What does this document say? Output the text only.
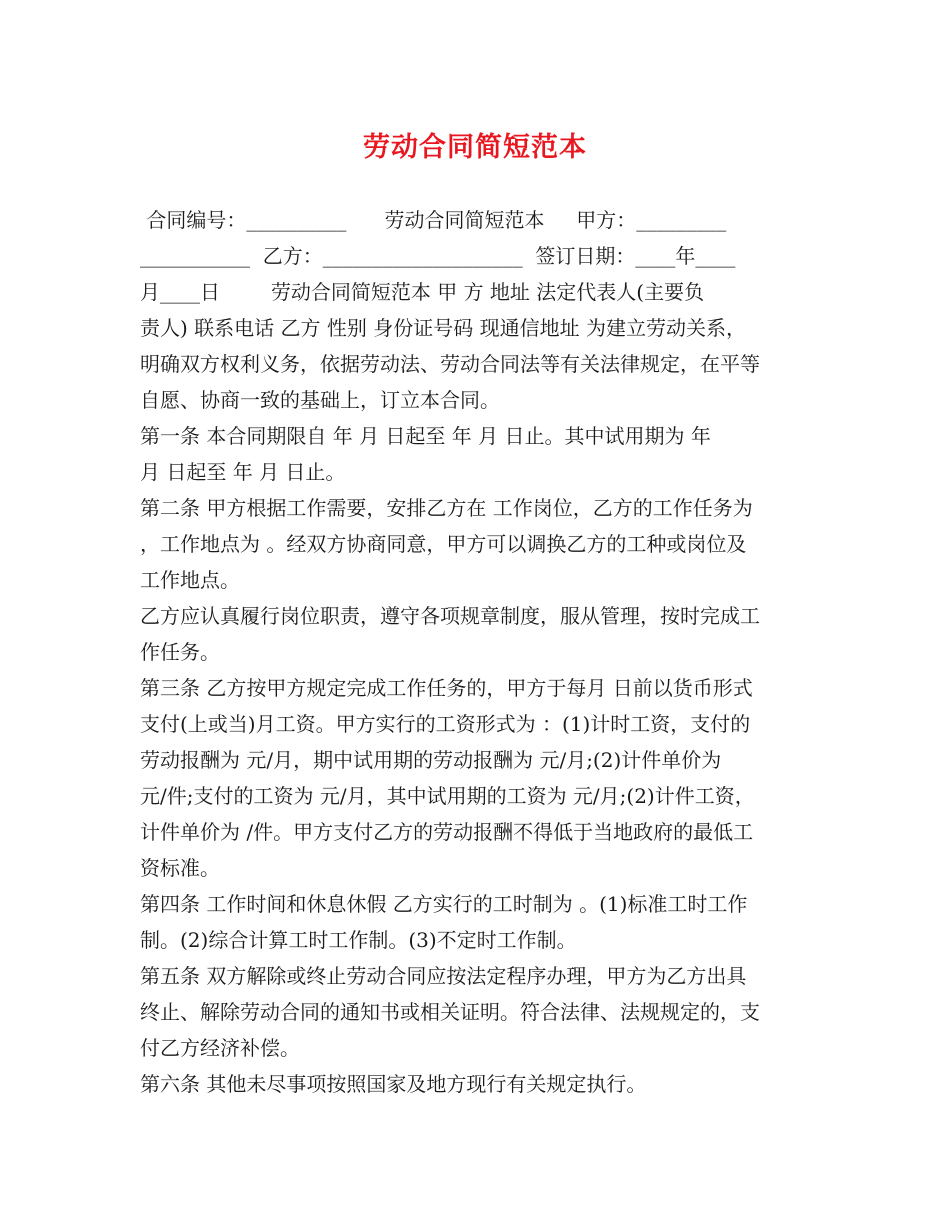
劳动合同简短范本
合同编号：__________      劳动合同简短范本     甲方：_________
___________  乙方：____________________  签订日期：____年____
月____日        劳动合同简短范本 甲 方 地址 法定代表人(主要负
责人) 联系电话 乙方 性别 身份证号码 现通信地址 为建立劳动关系，
明确双方权利义务，依据劳动法、劳动合同法等有关法律规定，在平等
自愿、协商一致的基础上，订立本合同。
第一条 本合同期限自 年 月 日起至 年 月 日止。其中试用期为 年
月 日起至 年 月 日止。
第二条 甲方根据工作需要，安排乙方在 工作岗位，乙方的工作任务为
，工作地点为 。经双方协商同意，甲方可以调换乙方的工种或岗位及
工作地点。
乙方应认真履行岗位职责，遵守各项规章制度，服从管理，按时完成工
作任务。
第三条 乙方按甲方规定完成工作任务的，甲方于每月 日前以货币形式
支付(上或当)月工资。甲方实行的工资形式为 ：(1)计时工资，支付的
劳动报酬为 元/月，期中试用期的劳动报酬为 元/月;(2)计件单价为
元/件;支付的工资为 元/月，其中试用期的工资为 元/月;(2)计件工资，
计件单价为 /件。甲方支付乙方的劳动报酬不得低于当地政府的最低工
资标准。
第四条 工作时间和休息休假 乙方实行的工时制为 。(1)标准工时工作
制。(2)综合计算工时工作制。(3)不定时工作制。
第五条 双方解除或终止劳动合同应按法定程序办理，甲方为乙方出具
终止、解除劳动合同的通知书或相关证明。符合法律、法规规定的，支
付乙方经济补偿。
第六条 其他未尽事项按照国家及地方现行有关规定执行。
